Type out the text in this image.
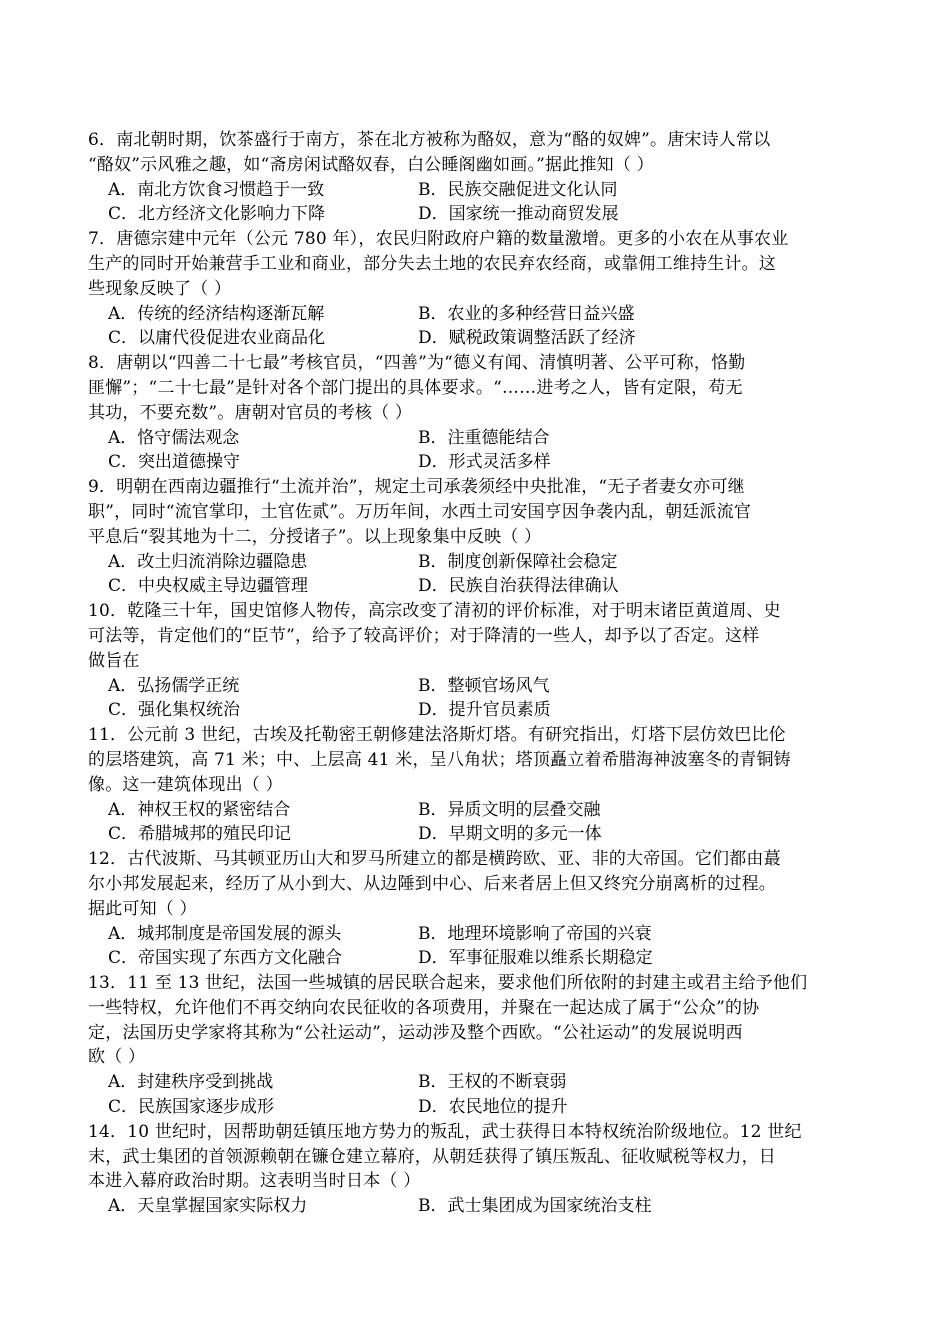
6．南北朝时期，饮茶盛行于南方，茶在北方被称为酪奴，意为“酪的奴婢”。唐宋诗人常以
“酪奴”示风雅之趣，如“斋房闲试酪奴春，白公睡阁幽如画。”据此推知（ ）
A．南北方饮食习惯趋于一致	B．民族交融促进文化认同
C．北方经济文化影响力下降	D．国家统一推动商贸发展
7．唐德宗建中元年（公元 780 年），农民归附政府户籍的数量激增。更多的小农在从事农业
生产的同时开始兼营手工业和商业，部分失去土地的农民弃农经商，或靠佣工维持生计。这
些现象反映了（ ）
A．传统的经济结构逐渐瓦解	B．农业的多种经营日益兴盛
C．以庸代役促进农业商品化	D．赋税政策调整活跃了经济
8．唐朝以“四善二十七最”考核官员，“四善”为“德义有闻、清慎明著、公平可称，恪勤
匪懈”；“二十七最”是针对各个部门提出的具体要求。“……进考之人，皆有定限，苟无
其功，不要充数”。唐朝对官员的考核（ ）
A．恪守儒法观念	B．注重德能结合
C．突出道德操守	D．形式灵活多样
9．明朝在西南边疆推行“土流并治”，规定土司承袭须经中央批准，“无子者妻女亦可继
职”，同时“流官掌印，土官佐贰”。万历年间，水西土司安国亨因争袭内乱，朝廷派流官
平息后“裂其地为十二，分授诸子”。以上现象集中反映（ ）
A．改土归流消除边疆隐患	B．制度创新保障社会稳定
C．中央权威主导边疆管理	D．民族自治获得法律确认
10．乾隆三十年，国史馆修人物传，高宗改变了清初的评价标准，对于明末诸臣黄道周、史
可法等，肯定他们的“臣节”，给予了较高评价；对于降清的一些人，却予以了否定。这样
做旨在
A．弘扬儒学正统	B．整顿官场风气
C．强化集权统治	D．提升官员素质
11．公元前 3 世纪，古埃及托勒密王朝修建法洛斯灯塔。有研究指出，灯塔下层仿效巴比伦
的层塔建筑，高 71 米；中、上层高 41 米，呈八角状；塔顶矗立着希腊海神波塞冬的青铜铸
像。这一建筑体现出（ ）
A．神权王权的紧密结合	B．异质文明的层叠交融
C．希腊城邦的殖民印记	D．早期文明的多元一体
12．古代波斯、马其顿亚历山大和罗马所建立的都是横跨欧、亚、非的大帝国。它们都由蕞
尔小邦发展起来，经历了从小到大、从边陲到中心、后来者居上但又终究分崩离析的过程。
据此可知（ ）
A．城邦制度是帝国发展的源头	B．地理环境影响了帝国的兴衰
C．帝国实现了东西方文化融合	D．军事征服难以维系长期稳定
13．11 至 13 世纪，法国一些城镇的居民联合起来，要求他们所依附的封建主或君主给予他们
一些特权，允许他们不再交纳向农民征收的各项费用，并聚在一起达成了属于“公众”的协
定，法国历史学家将其称为“公社运动”，运动涉及整个西欧。“公社运动”的发展说明西
欧（ ）
A．封建秩序受到挑战	B．王权的不断衰弱
C．民族国家逐步成形	D．农民地位的提升
14．10 世纪时，因帮助朝廷镇压地方势力的叛乱，武士获得日本特权统治阶级地位。12 世纪
末，武士集团的首领源赖朝在镰仓建立幕府，从朝廷获得了镇压叛乱、征收赋税等权力，日
本进入幕府政治时期。这表明当时日本（ ）
A．天皇掌握国家实际权力	B．武士集团成为国家统治支柱
